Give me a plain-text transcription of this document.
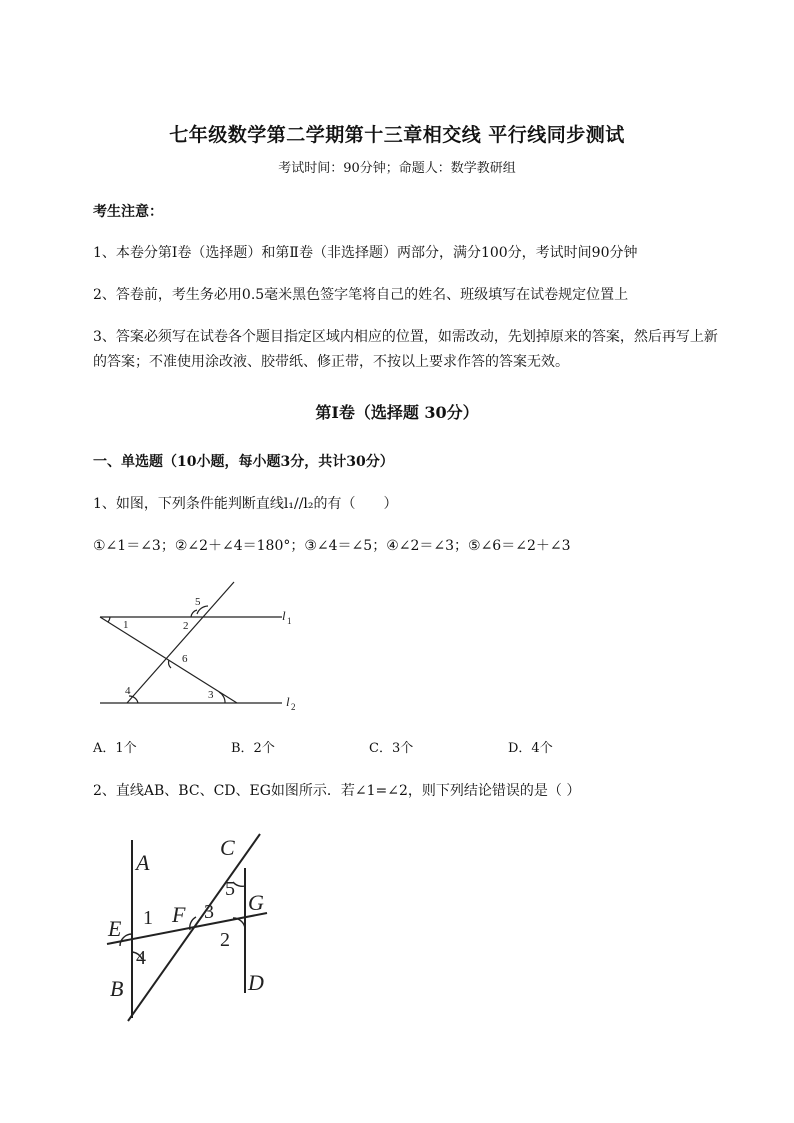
七年级数学第二学期第十三章相交线 平行线同步测试
考试时间：90分钟；命题人：数学教研组
考生注意：
1、本卷分第I卷（选择题）和第Ⅱ卷（非选择题）两部分，满分100分，考试时间90分钟
2、答卷前，考生务必用0.5毫米黑色签字笔将自己的姓名、班级填写在试卷规定位置上
3、答案必须写在试卷各个题目指定区域内相应的位置，如需改动，先划掉原来的答案，然后再写上新
的答案；不准使用涂改液、胶带纸、修正带，不按以上要求作答的答案无效。
第I卷（选择题 30分）
一、单选题（10小题，每小题3分，共计30分）
1、如图，下列条件能判断直线l₁//l₂的有（　　）
①∠1＝∠3；②∠2＋∠4＝180°；③∠4＝∠5；④∠2＝∠3；⑤∠6＝∠2＋∠3
1	2
3
4
5
6
l 1
l 2
A．1个	B．2个	C．3个	D．4个
2、直线AB、BC、CD、EG如图所示．若∠1=∠2，则下列结论错误的是（ ）
A
B
C
D
E
F	G
1
2
3
4
5
